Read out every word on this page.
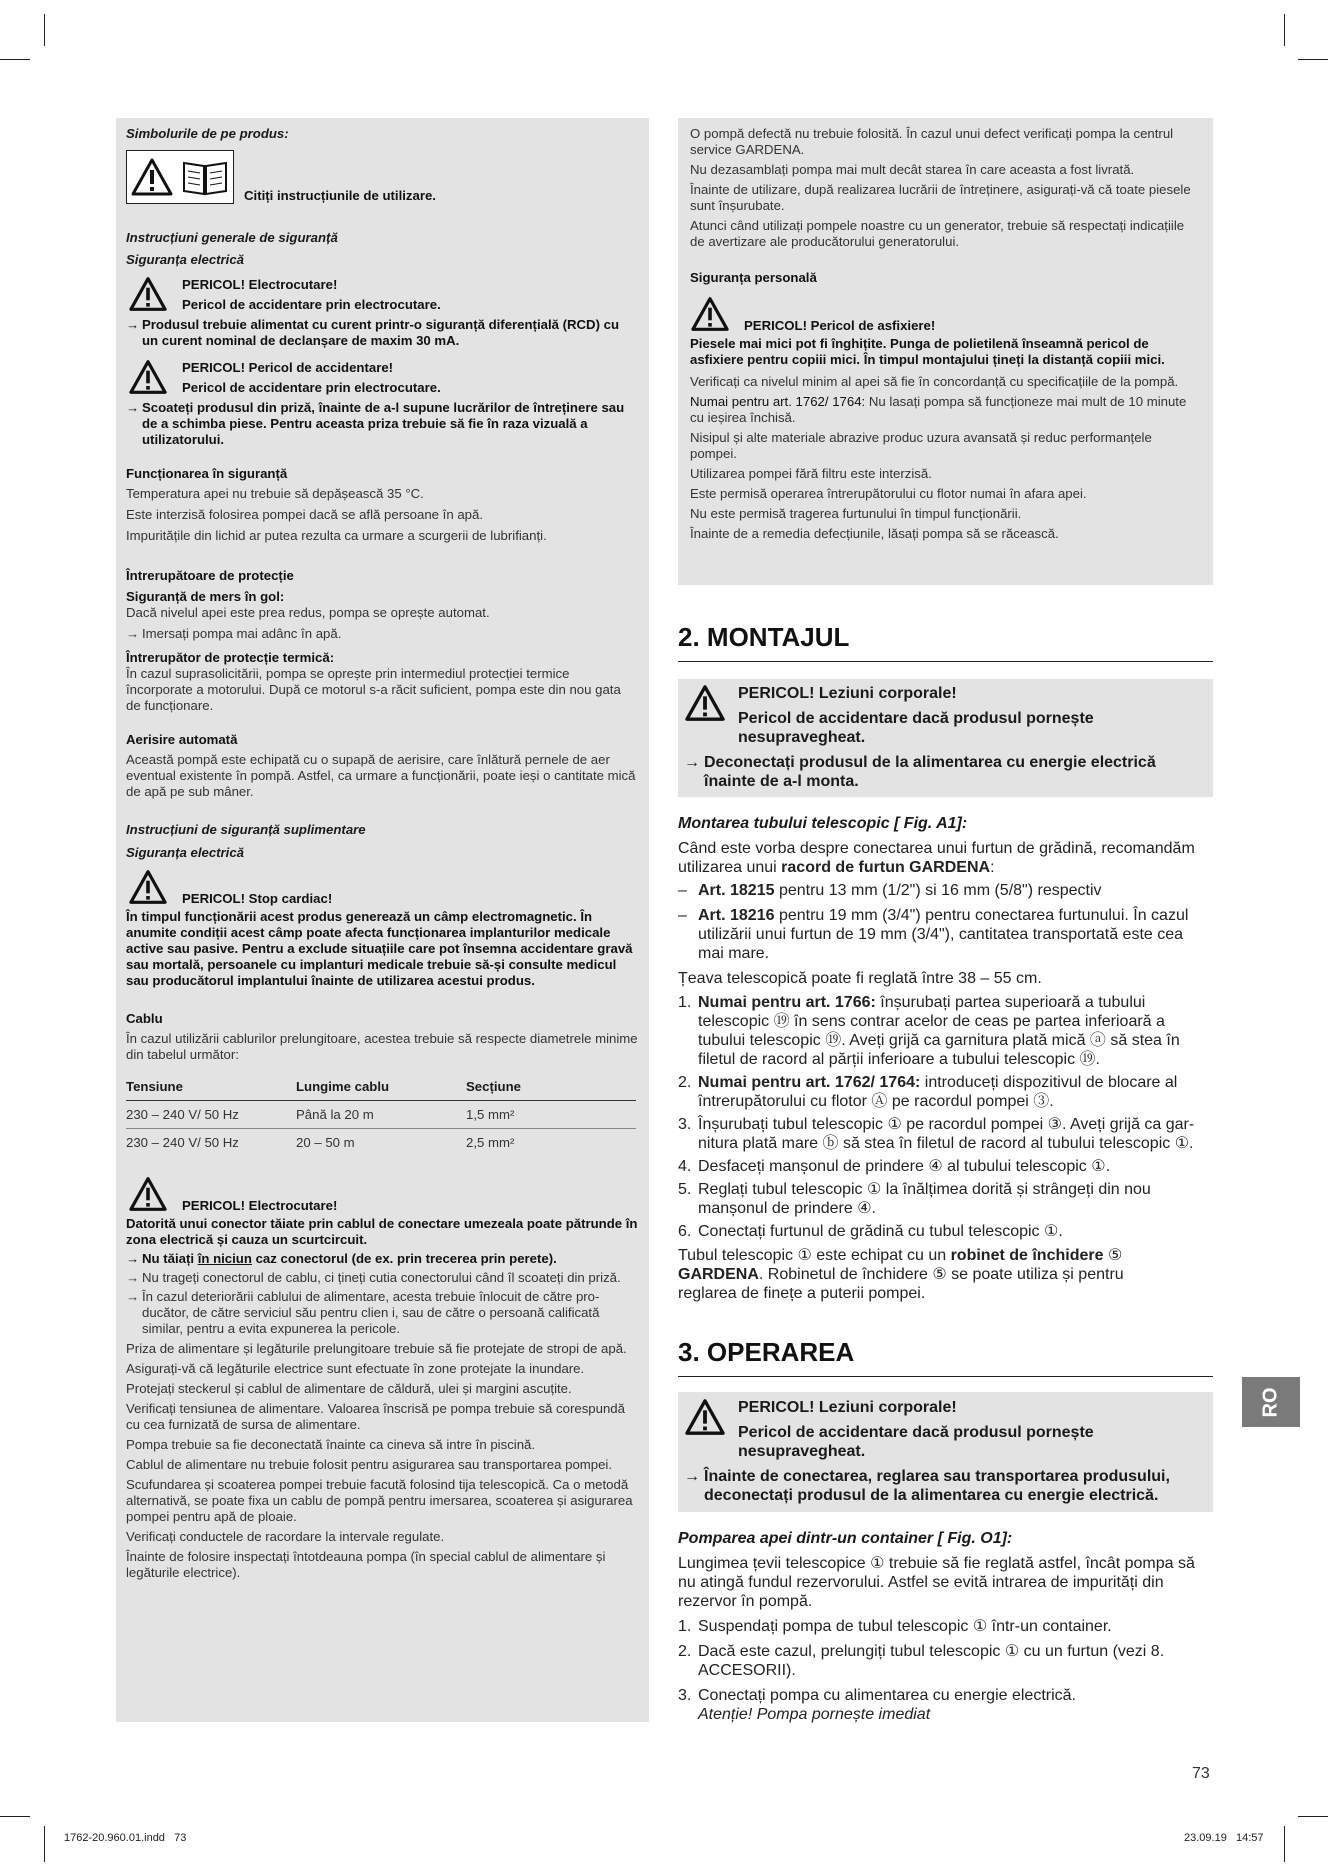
Simbolurile de pe produs:

Citiți instrucțiunile de utilizare.

Instrucțiuni generale de siguranță

Siguranța electrică

PERICOL! Electrocutare!

Pericol de accidentare prin electrocutare.

→ Produsul trebuie alimentat cu curent printr-o siguranță diferențială (RCD) cu un curent nominal de declanșare de maxim 30 mA.

PERICOL! Pericol de accidentare!

Pericol de accidentare prin electrocutare.

→ Scoateți produsul din priză, înainte de a-l supune lucrărilor de întreținere sau de a schimba piese. Pentru aceasta priza trebuie să fie în raza vizuală a utilizatorului.

Funcționarea în siguranță

Temperatura apei nu trebuie să depășească 35 °C.

Este interzisă folosirea pompei dacă se află persoane în apă.

Impuritățile din lichid ar putea rezulta ca urmare a scurgerii de lubrifianți.

Întrerupătoare de protecție

Siguranță de mers în gol:

Dacă nivelul apei este prea redus, pompa se oprește automat.

→ Imersați pompa mai adânc în apă.

Întrerupător de protecție termică:

În cazul suprasolicitării, pompa se oprește prin intermediul protecției termice încorporate a motorului. După ce motorul s-a răcit suficient, pompa este din nou gata de funcționare.

Aerisire automată

Această pompă este echipată cu o supapă de aerisire, care înlătură pernele de aer eventual existente în pompă. Astfel, ca urmare a funcționării, poate ieși o cantitate mică de apă pe sub mâner.

Instrucțiuni de siguranță suplimentare

Siguranța electrică

PERICOL! Stop cardiac!

În timpul funcționării acest produs generează un câmp electromagnetic. În anumite condiții acest câmp poate afecta funcționarea implanturilor medicale active sau pasive. Pentru a exclude situațiile care pot însemna accidentare gravă sau mortală, persoanele cu implanturi medicale trebuie să-și consulte medicul sau producătorul implantului înainte de utilizarea acestui produs.

Cablu

În cazul utilizării cablurilor prelungitoare, acestea trebuie să respecte diametrele minime din tabelul următor:

Tensiune	Lungime cablu	Secțiune
230 – 240 V/ 50 Hz	Până la 20 m	1,5 mm²
230 – 240 V/ 50 Hz	20 – 50 m	2,5 mm²

PERICOL! Electrocutare!

Datorită unui conector tăiate prin cablul de conectare umezeala poate pătrunde în zona electrică și cauza un scurtcircuit.

→ Nu tăiați în niciun caz conectorul (de ex. prin trecerea prin perete).

→ Nu trageți conectorul de cablu, ci țineți cutia conectorului când îl scoateți din priză.

→ În cazul deteriorării cablului de alimentare, acesta trebuie înlocuit de către producător, de către serviciul său pentru clien i, sau de către o persoană calificată similar, pentru a evita expunerea la pericole.

Priza de alimentare și legăturile prelungitoare trebuie să fie protejate de stropi de apă.

Asigurați-vă că legăturile electrice sunt efectuate în zone protejate la inundare.

Protejați steckerul și cablul de alimentare de căldură, ulei și margini ascuțite.

Verificați tensiunea de alimentare. Valoarea înscrisă pe pompa trebuie să corespundă cu cea furnizată de sursa de alimentare.

Pompa trebuie sa fie deconectată înainte ca cineva să intre în piscină.

Cablul de alimentare nu trebuie folosit pentru asigurarea sau transportarea pompei.

Scufundarea și scoaterea pompei trebuie facută folosind tija telescopică. Ca o metodă alternativă, se poate fixa un cablu de pompă pentru imersarea, scoaterea și asigurarea pompei pentru apă de ploaie.

Verificați conductele de racordare la intervale regulate.

Înainte de folosire inspectați întotdeauna pompa (în special cablul de alimentare și legăturile electrice).

O pompă defectă nu trebuie folosită. În cazul unui defect verificați pompa la centrul service GARDENA.

Nu dezasamblați pompa mai mult decât starea în care aceasta a fost livrată.

Înainte de utilizare, după realizarea lucrării de întreținere, asigurați-vă că toate piesele sunt înșurubate.

Atunci când utilizați pompele noastre cu un generator, trebuie să respectați indicațiile de avertizare ale producătorului generatorului.

Siguranța personală

PERICOL! Pericol de asfixiere!

Piesele mai mici pot fi înghițite. Punga de polietilenă înseamnă pericol de asfixiere pentru copiii mici. În timpul montajului țineți la distanță copiii mici.

Verificați ca nivelul minim al apei să fie în concordanță cu specificațiile de la pompă.

Numai pentru art. 1762/ 1764: Nu lasați pompa să funcționeze mai mult de 10 minute cu ieșirea închisă.

Nisipul și alte materiale abrazive produc uzura avansată și reduc performanțele pompei.

Utilizarea pompei fără filtru este interzisă.

Este permisă operarea întrerupătorului cu flotor numai în afara apei.

Nu este permisă tragerea furtunului în timpul funcționării.

Înainte de a remedia defecțiunile, lăsați pompa să se răcească.

2. MONTAJUL

PERICOL! Leziuni corporale!

Pericol de accidentare dacă produsul pornește nesupravegheat.

→ Deconectați produsul de la alimentarea cu energie electrică înainte de a-l monta.

Montarea tubului telescopic [ Fig. A1]:

Când este vorba despre conectarea unui furtun de grădină, recomandăm utilizarea unui racord de furtun GARDENA:

– Art. 18215 pentru 13 mm (1/2") si 16 mm (5/8") respectiv

– Art. 18216 pentru 19 mm (3/4") pentru conectarea furtunului. În cazul utilizării unui furtun de 19 mm (3/4"), cantitatea transportată este cea mai mare.

Țeava telescopică poate fi reglată între 38 – 55 cm.

1. Numai pentru art. 1766: înșurubați partea superioară a tubului telescopic ⑲ în sens contrar acelor de ceas pe partea inferioară a tubului telescopic ⑲. Aveți grijă ca garnitura plată mică ⓐ să stea în filetul de racord al părții inferioare a tubului telescopic ⑲.

2. Numai pentru art. 1762/ 1764: introduceți dispozitivul de blocare al întrerupătorului cu flotor Ⓐ pe racordul pompei ③.

3. Înșurubați tubul telescopic ① pe racordul pompei ③. Aveți grijă ca garnitura plată mare ⓑ să stea în filetul de racord al tubului telescopic ①.

4. Desfaceți manșonul de prindere ④ al tubului telescopic ①.

5. Reglați tubul telescopic ① la înălțimea dorită și strângeți din nou manșonul de prindere ④.

6. Conectați furtunul de grădină cu tubul telescopic ①.

Tubul telescopic ① este echipat cu un robinet de închidere ⑤ GARDENA. Robinetul de închidere ⑤ se poate utiliza și pentru reglarea de finețe a puterii pompei.

3. OPERAREA

PERICOL! Leziuni corporale!

Pericol de accidentare dacă produsul pornește nesupravegheat.

→ Înainte de conectarea, reglarea sau transportarea produsului, deconectați produsul de la alimentarea cu energie electrică.

Pomparea apei dintr-un container [ Fig. O1]:

Lungimea țevii telescopice ① trebuie să fie reglată astfel, încât pompa să nu atingă fundul rezervorului. Astfel se evită intrarea de impurități din rezervor în pompă.

1. Suspendați pompa de tubul telescopic ① într-un container.

2. Dacă este cazul, prelungiți tubul telescopic ① cu un furtun (vezi 8. ACCESORII).

3. Conectați pompa cu alimentarea cu energie electrică.

Atenție! Pompa pornește imediat

RO

73

1762-20.960.01.indd   73	23.09.19   14:57
